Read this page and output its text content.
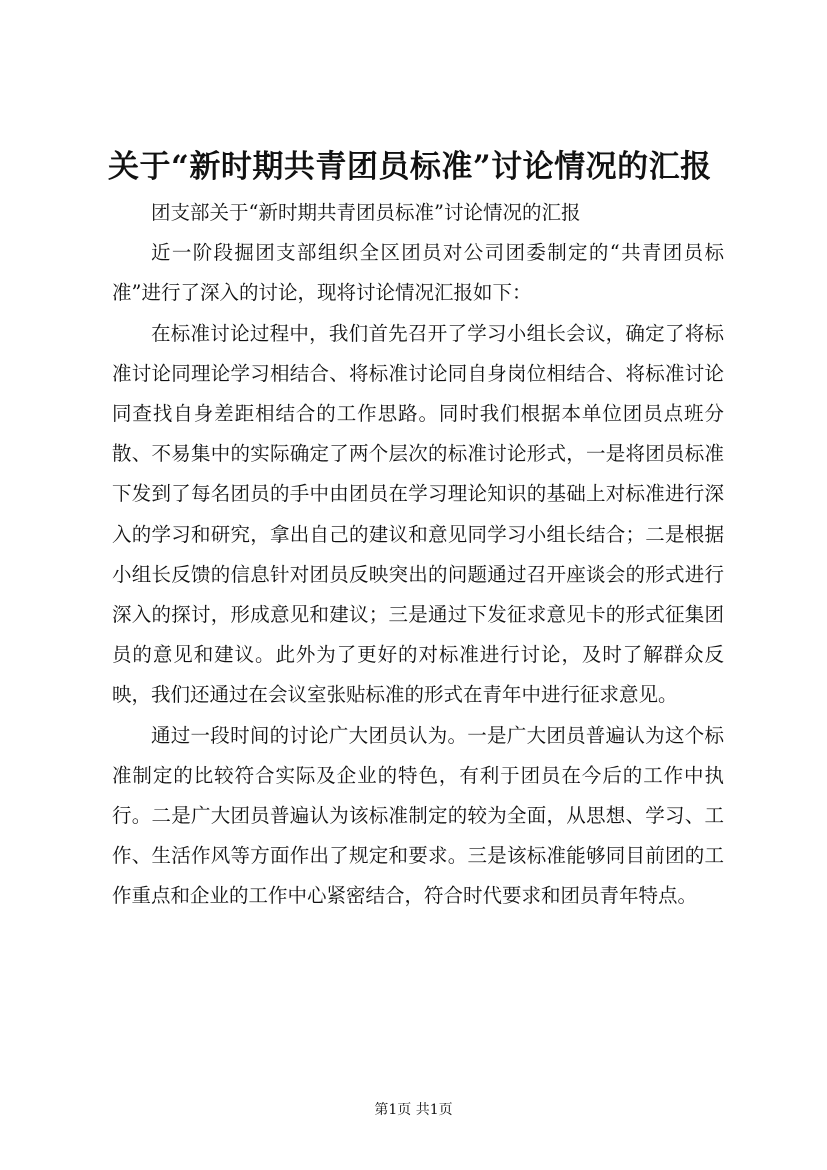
关于“新时期共青团员标准”讨论情况的汇报

团支部关于“新时期共青团员标准”讨论情况的汇报

近一阶段掘团支部组织全区团员对公司团委制定的“共青团员标准”进行了深入的讨论，现将讨论情况汇报如下：

在标准讨论过程中，我们首先召开了学习小组长会议，确定了将标准讨论同理论学习相结合、将标准讨论同自身岗位相结合、将标准讨论同查找自身差距相结合的工作思路。同时我们根据本单位团员点班分散、不易集中的实际确定了两个层次的标准讨论形式，一是将团员标准下发到了每名团员的手中由团员在学习理论知识的基础上对标准进行深入的学习和研究，拿出自己的建议和意见同学习小组长结合；二是根据小组长反馈的信息针对团员反映突出的问题通过召开座谈会的形式进行深入的探讨，形成意见和建议；三是通过下发征求意见卡的形式征集团员的意见和建议。此外为了更好的对标准进行讨论，及时了解群众反映，我们还通过在会议室张贴标准的形式在青年中进行征求意见。

通过一段时间的讨论广大团员认为。一是广大团员普遍认为这个标准制定的比较符合实际及企业的特色，有利于团员在今后的工作中执行。二是广大团员普遍认为该标准制定的较为全面，从思想、学习、工作、生活作风等方面作出了规定和要求。三是该标准能够同目前团的工作重点和企业的工作中心紧密结合，符合时代要求和团员青年特点。

第1页 共1页
